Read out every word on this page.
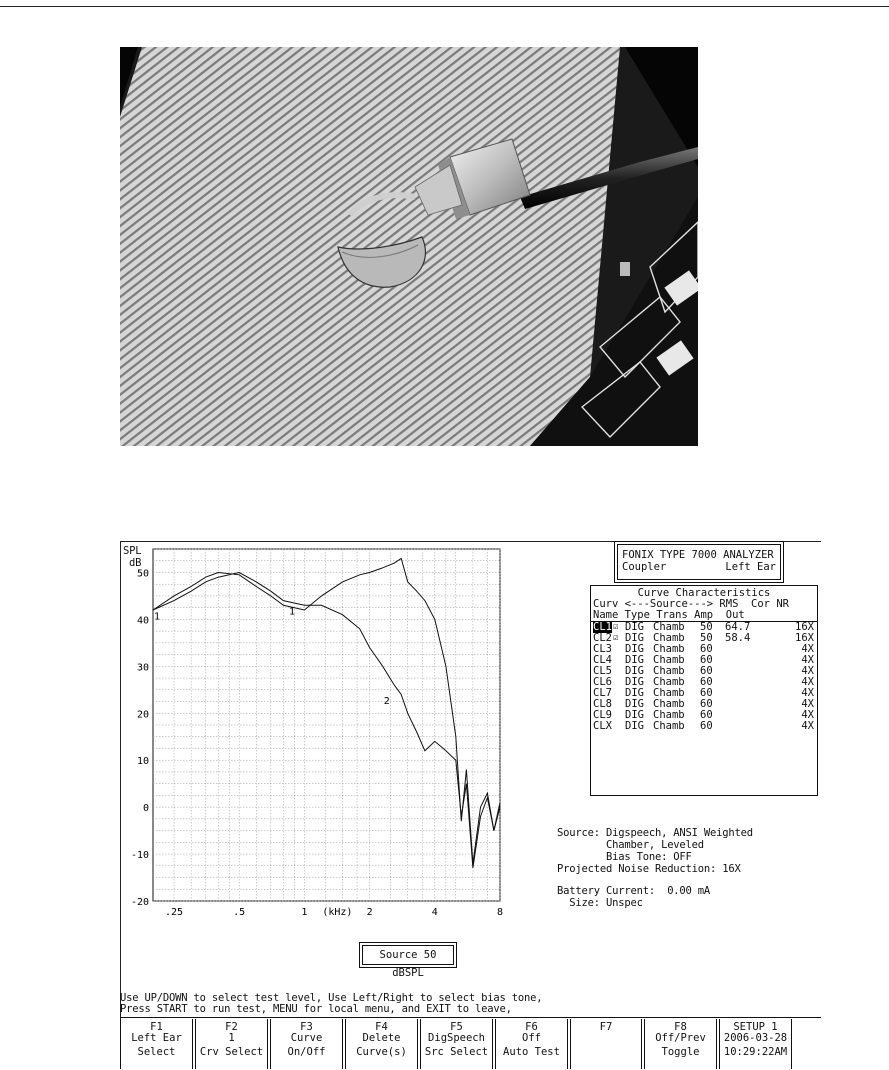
50
40
30
20
10
0
-10
-20
.25	.5	1 (kHz) 2	4	8
1	1
2
SPL
dB
FONIX TYPE 7000 ANALYZER
Coupler	Left Ear
Curve Characteristics
Curv <---Source---> RMS  Cor NR
Name Type Trans Amp  Out
CL1 DIG Chamb 50 64.7	16X
☑
CL2 DIG Chamb 50 58.4	16X
☑
CL3 DIG Chamb 60	4X
CL4 DIG Chamb 60	4X
CL5 DIG Chamb 60	4X
CL6 DIG Chamb 60	4X
CL7 DIG Chamb 60	4X
CL8 DIG Chamb 60	4X
CL9 DIG Chamb 60	4X
CLX DIG Chamb 60	4X
Source: Digspeech, ANSI Weighted
Chamber, Leveled
Bias Tone: OFF
Projected Noise Reduction: 16X
Battery Current:  0.00 mA
Size: Unspec
Source 50 dBSPL
Use UP/DOWN to select test level, Use Left/Right to select bias tone,
Press START to run test, MENU for local menu, and EXIT to leave,
F1
Left Ear
Select
F2
1
Crv Select
F3
Curve
On/Off
F4
Delete
Curve(s)
F5
DigSpeech
Src Select
F6
Off
Auto Test
F7	F8
Off/Prev
Toggle
SETUP 1
2006-03-28
10:29:22AM
